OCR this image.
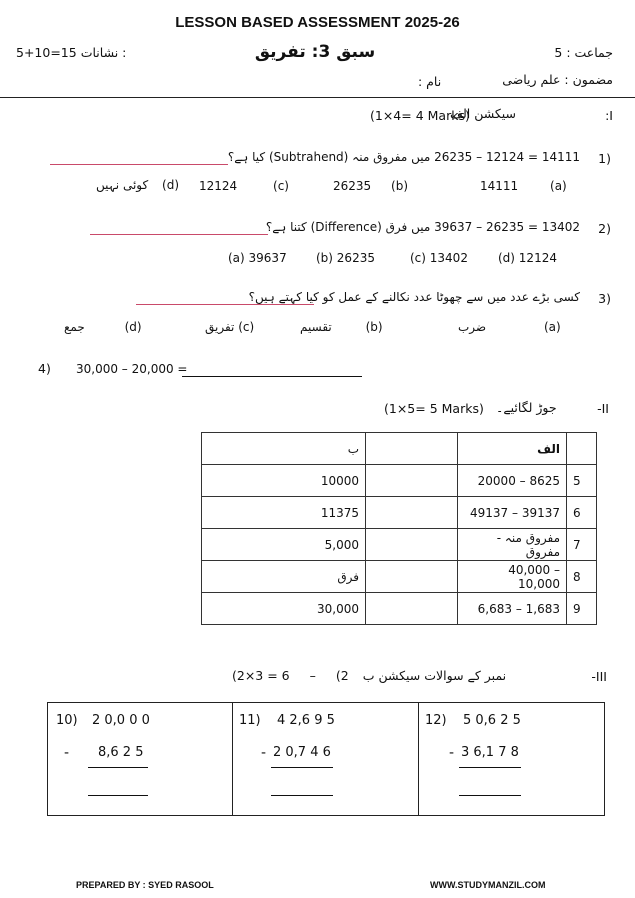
LESSON BASED ASSESSMENT 2025-26
5+10=15 نشانات :	سبق 3: تفریق	جماعت : 5
مضمون : علم ریاضی
نام :
(1×4= 4 Marks)
سیکشن الف	:I
1)
14111 = 12124 – 26235 میں مفروق منہ (Subtrahend) کیا ہے؟
14111	(a)
26235 (b)
12124	(c)
کوئی نہیں (d)
2)
13402 = 26235 – 39637 میں فرق (Difference) کتنا ہے؟
(a) 39637 (b) 26235	(c) 13402	(d) 12124
3)
کسی بڑے عدد میں سے چھوٹا عدد نکالنے کے عمل کو کیا کہتے ہیں؟
ضرب	(a)
تقسیم	(b)
تفریق (c)
جمع	(d)
4) 30,000 – 20,000 =
(1×5= 5 Marks) جوڑ لگائیے۔	-II
ب		الف	
10000		20000 – 8625	5
11375		49137 – 39137	6
5,000		مفروق منہ - مفروق	7
فرق		40,000 – 10,000	8
30,000		6,683 – 1,683	9
(2×3 = 6 – (2نمبر کے سوالات سیکشن ب	-III
10) 2 0,0 0 0
- 8,6 2 5
11) 4 2,6 9 5
- 2 0,7 4 6
12) 5 0,6 2 5
- 3 6,1 7 8
PREPARED BY : SYED RASOOL	WWW.STUDYMANZIL.COM
